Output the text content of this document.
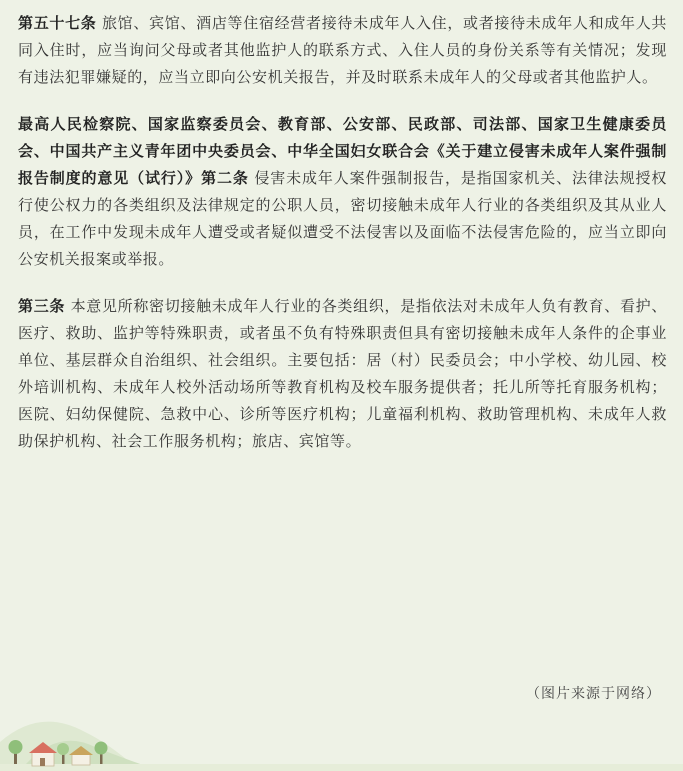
第五十七条 旅馆、宾馆、酒店等住宿经营者接待未成年人入住，或者接待未成年人和成年人共同入住时，应当询问父母或者其他监护人的联系方式、入住人员的身份关系等有关情况；发现有违法犯罪嫌疑的，应当立即向公安机关报告，并及时联系未成年人的父母或者其他监护人。

最高人民检察院、国家监察委员会、教育部、公安部、民政部、司法部、国家卫生健康委员会、中国共产主义青年团中央委员会、中华全国妇女联合会《关于建立侵害未成年人案件强制报告制度的意见（试行）》第二条 侵害未成年人案件强制报告，是指国家机关、法律法规授权行使公权力的各类组织及法律规定的公职人员，密切接触未成年人行业的各类组织及其从业人员，在工作中发现未成年人遭受或者疑似遭受不法侵害以及面临不法侵害危险的，应当立即向公安机关报案或举报。

第三条 本意见所称密切接触未成年人行业的各类组织，是指依法对未成年人负有教育、看护、医疗、救助、监护等特殊职责，或者虽不负有特殊职责但具有密切接触未成年人条件的企事业单位、基层群众自治组织、社会组织。主要包括：居（村）民委员会；中小学校、幼儿园、校外培训机构、未成年人校外活动场所等教育机构及校车服务提供者；托儿所等托育服务机构；医院、妇幼保健院、急救中心、诊所等医疗机构；儿童福利机构、救助管理机构、未成年人救助保护机构、社会工作服务机构；旅店、宾馆等。

（图片来源于网络）
